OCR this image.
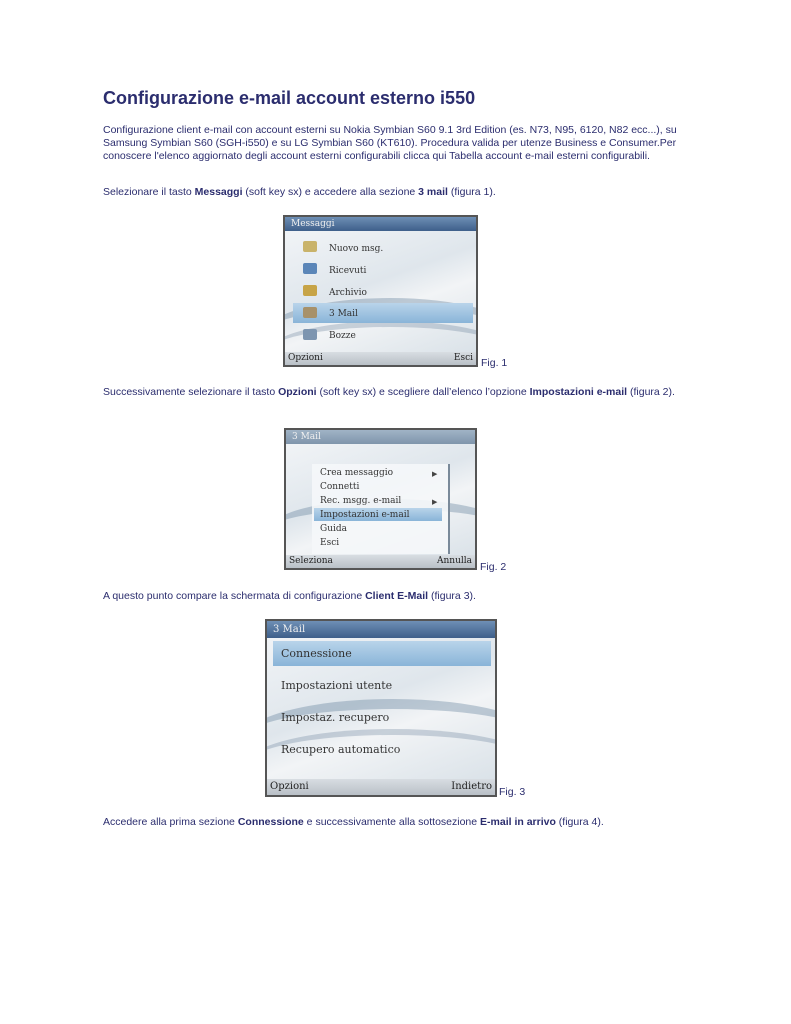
Configurazione e-mail account esterno i550

Configurazione client e-mail con account esterni su Nokia Symbian S60 9.1 3rd Edition (es. N73, N95, 6120, N82 ecc...), su Samsung Symbian S60 (SGH-i550) e su LG Symbian S60 (KT610). Procedura valida per utenze Business e Consumer.Per conoscere l'elenco aggiornato degli account esterni configurabili clicca qui Tabella account e-mail esterni configurabili.

Selezionare il tasto Messaggi (soft key sx) e accedere alla sezione 3 mail (figura 1).

Messaggi
Nuovo msg.
Ricevuti
Archivio
3 Mail
Bozze
Opzioni	Esci Fig. 1

Successivamente selezionare il tasto Opzioni (soft key sx) e scegliere dall’elenco l’opzione Impostazioni e-mail (figura 2).

3 Mail
Crea messaggio	▶
Connetti
Rec. msgg. e-mail	▶
Impostazioni e-mail
Guida
Esci
Seleziona	Annulla Fig. 2

A questo punto compare la schermata di configurazione Client E-Mail (figura 3).

3 Mail
Connessione
Impostazioni utente
Impostaz. recupero
Recupero automatico
Opzioni	Indietro Fig. 3

Accedere alla prima sezione Connessione e successivamente alla sottosezione E-mail in arrivo (figura 4).
